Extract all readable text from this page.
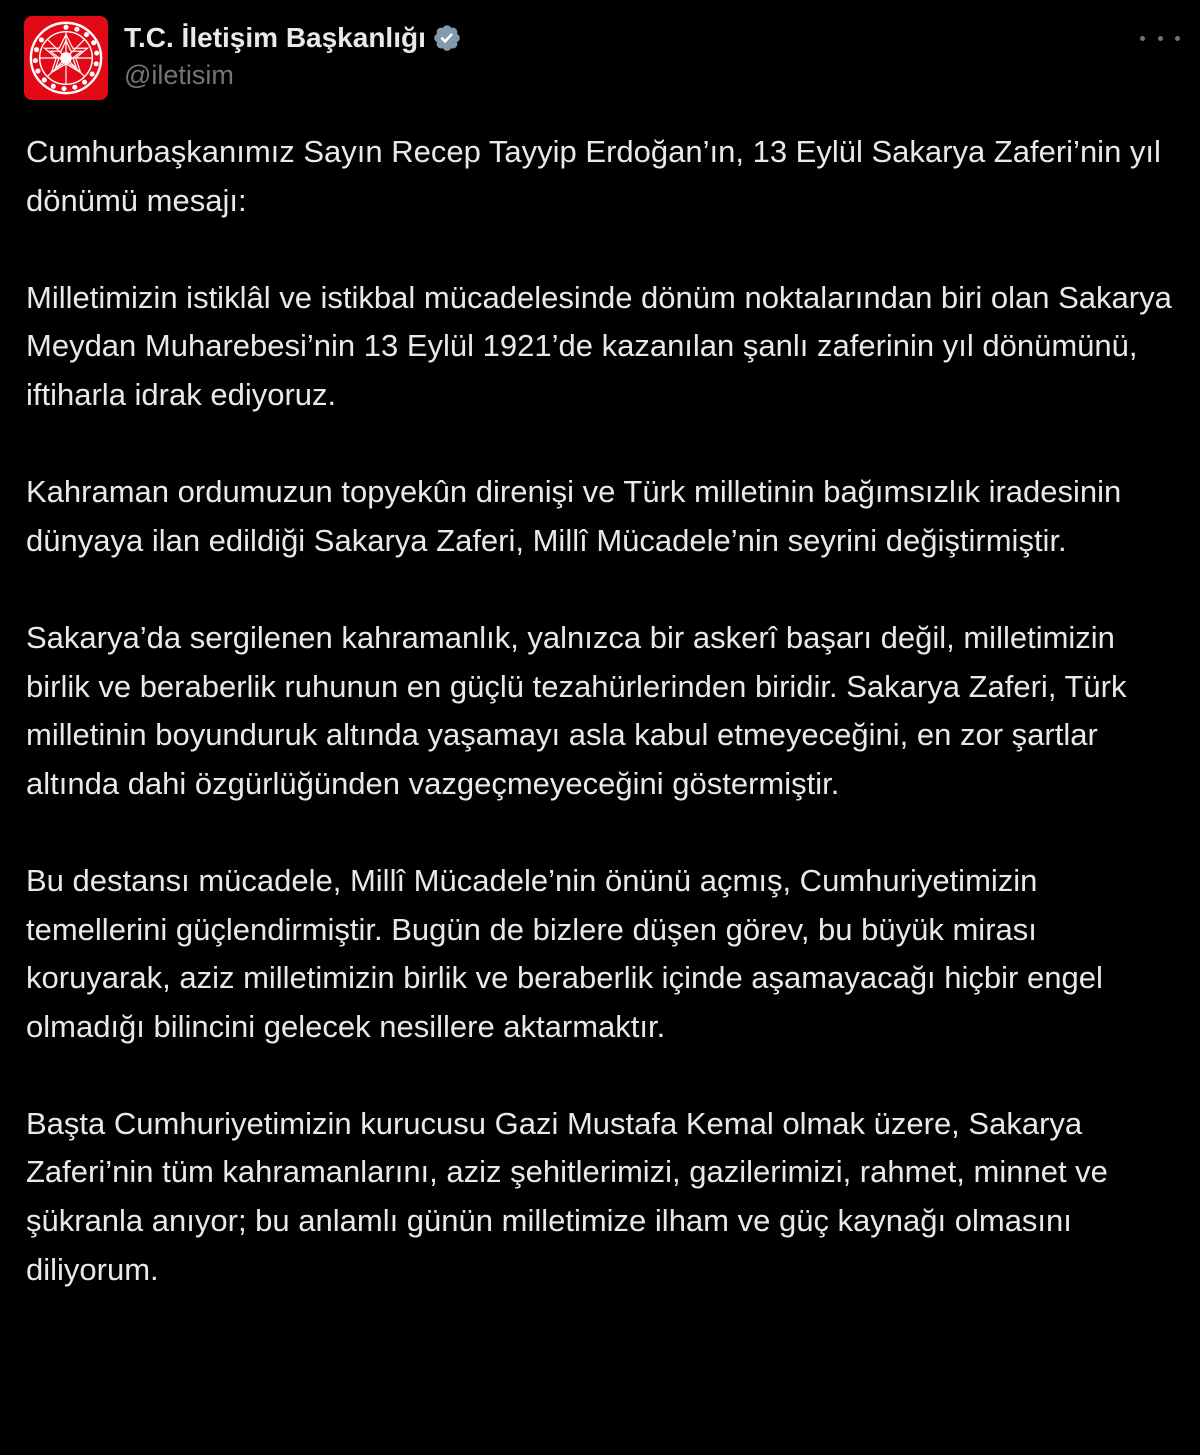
T.C. İletişim Başkanlığı
@iletisim

Cumhurbaşkanımız Sayın Recep Tayyip Erdoğan’ın, 13 Eylül Sakarya Zaferi’nin yıl dönümü mesajı:

Milletimizin istiklâl ve istikbal mücadelesinde dönüm noktalarından biri olan Sakarya Meydan Muharebesi’nin 13 Eylül 1921’de kazanılan şanlı zaferinin yıl dönümünü, iftiharla idrak ediyoruz.

Kahraman ordumuzun topyekûn direnişi ve Türk milletinin bağımsızlık iradesinin dünyaya ilan edildiği Sakarya Zaferi, Millî Mücadele’nin seyrini değiştirmiştir.

Sakarya’da sergilenen kahramanlık, yalnızca bir askerî başarı değil, milletimizin birlik ve beraberlik ruhunun en güçlü tezahürlerinden biridir. Sakarya Zaferi, Türk milletinin boyunduruk altında yaşamayı asla kabul etmeyeceğini, en zor şartlar altında dahi özgürlüğünden vazgeçmeyeceğini göstermiştir.

Bu destansı mücadele, Millî Mücadele’nin önünü açmış, Cumhuriyetimizin temellerini güçlendirmiştir. Bugün de bizlere düşen görev, bu büyük mirası koruyarak, aziz milletimizin birlik ve beraberlik içinde aşamayacağı hiçbir engel olmadığı bilincini gelecek nesillere aktarmaktır.

Başta Cumhuriyetimizin kurucusu Gazi Mustafa Kemal olmak üzere, Sakarya Zaferi’nin tüm kahramanlarını, aziz şehitlerimizi, gazilerimizi, rahmet, minnet ve şükranla anıyor; bu anlamlı günün milletimize ilham ve güç kaynağı olmasını diliyorum.
